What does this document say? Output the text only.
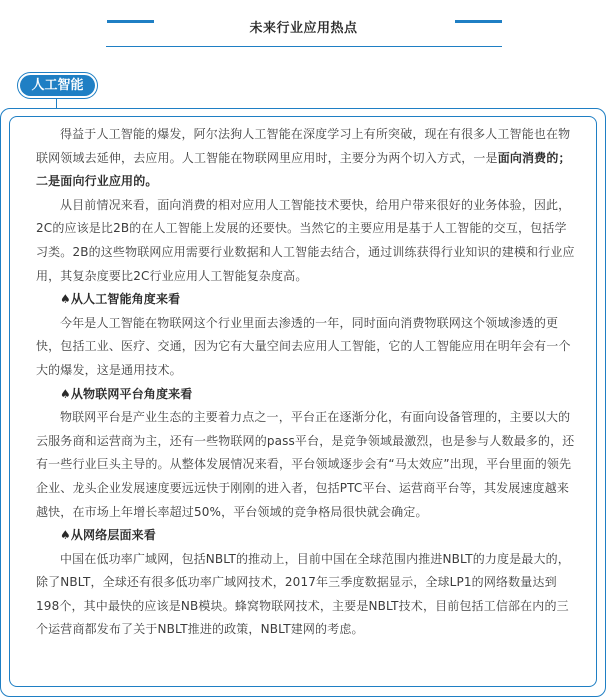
未来行业应用热点
人工智能

得益于人工智能的爆发，阿尔法狗人工智能在深度学习上有所突破，现在有很多人工智能也在物联网领域去延伸，去应用。人工智能在物联网里应用时，主要分为两个切入方式，一是面向消费的；二是面向行业应用的。

从目前情况来看，面向消费的相对应用人工智能技术要快，给用户带来很好的业务体验，因此，2C的应该是比2B的在人工智能上发展的还要快。当然它的主要应用是基于人工智能的交互，包括学习类。2B的这些物联网应用需要行业数据和人工智能去结合，通过训练获得行业知识的建模和行业应用，其复杂度要比2C行业应用人工智能复杂度高。

♠从人工智能角度来看

今年是人工智能在物联网这个行业里面去渗透的一年，同时面向消费物联网这个领域渗透的更快，包括工业、医疗、交通，因为它有大量空间去应用人工智能，它的人工智能应用在明年会有一个大的爆发，这是通用技术。

♠从物联网平台角度来看

物联网平台是产业生态的主要着力点之一，平台正在逐渐分化，有面向设备管理的，主要以大的云服务商和运营商为主，还有一些物联网的pass平台，是竞争领域最激烈，也是参与人数最多的，还有一些行业巨头主导的。从整体发展情况来看，平台领域逐步会有“马太效应”出现，平台里面的领先企业、龙头企业发展速度要远远快于刚刚的进入者，包括PTC平台、运营商平台等，其发展速度越来越快，在市场上年增长率超过50%，平台领域的竞争格局很快就会确定。

♠从网络层面来看

中国在低功率广域网，包括NBLT的推动上，目前中国在全球范围内推进NBLT的力度是最大的，除了NBLT，全球还有很多低功率广域网技术，2017年三季度数据显示，全球LP1的网络数量达到198个，其中最快的应该是NB模块。蜂窝物联网技术，主要是NBLT技术，目前包括工信部在内的三个运营商都发布了关于NBLT推进的政策，NBLT建网的考虑。
